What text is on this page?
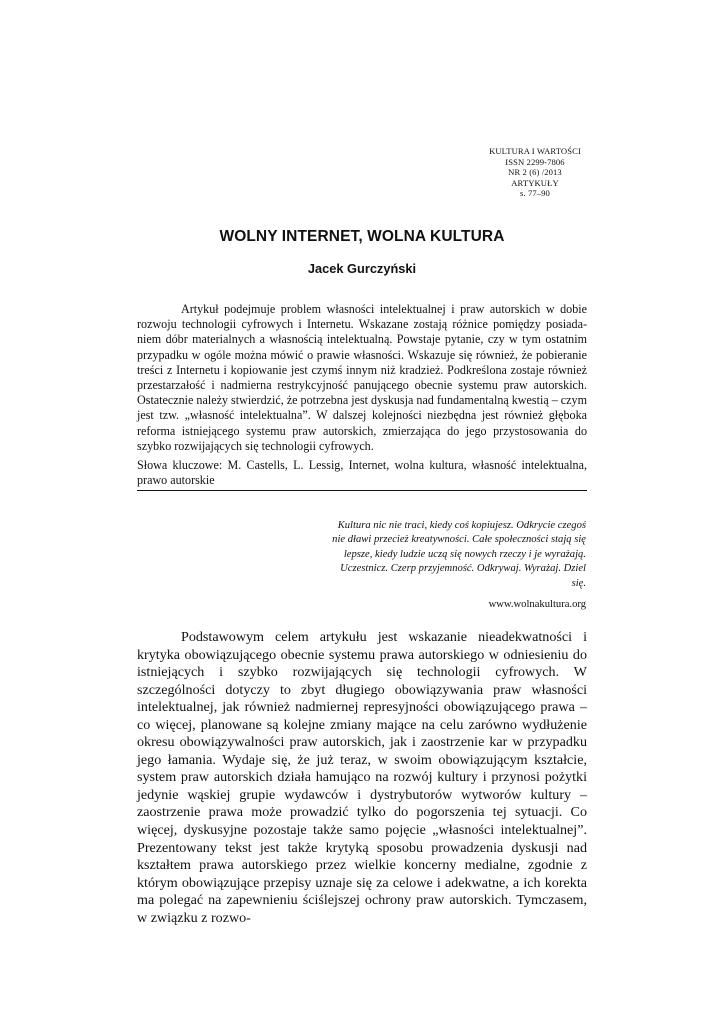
KULTURA I WARTOŚCI
ISSN 2299-7806
NR 2 (6) /2013
ARTYKUŁY
s. 77–90
WOLNY INTERNET, WOLNA KULTURA
Jacek Gurczyński
Artykuł podejmuje problem własności intelektualnej i praw autorskich w dobie rozwoju technologii cyfrowych i Internetu. Wskazane zostają różnice pomiędzy posiadaniem dóbr materialnych a własnością intelektualną. Powstaje pytanie, czy w tym ostatnim przypadku w ogóle można mówić o prawie własności. Wskazuje się również, że pobieranie treści z Internetu i kopiowanie jest czymś innym niż kradzież. Podkreślona zostaje również przestarzałość i nadmierna restrykcyjność panującego obecnie systemu praw autorskich. Ostatecznie należy stwierdzić, że potrzebna jest dyskusja nad fundamentalną kwestią – czym jest tzw. „własność intelektualna”. W dalszej kolejności niezbędna jest również głęboka reforma istniejącego systemu praw autorskich, zmierzająca do jego przystosowania do szybko rozwijających się technologii cyfrowych.
Słowa kluczowe: M. Castells, L. Lessig, Internet, wolna kultura, własność intelektualna, prawo autorskie
Kultura nic nie traci, kiedy coś kopiujesz. Odkrycie czegoś nie dławi przecież kreatywności. Całe społeczności stają się lepsze, kiedy ludzie uczą się nowych rzeczy i je wyrażają. Uczestnicz. Czerp przyjemność. Odkrywaj. Wyrażaj. Dziel się.
www.wolnakultura.org
Podstawowym celem artykułu jest wskazanie nieadekwatności i krytyka obowiązującego obecnie systemu prawa autorskiego w odniesieniu do istniejących i szybko rozwijających się technologii cyfrowych. W szczególności dotyczy to zbyt długiego obowiązywania praw własności intelektualnej, jak również nadmiernej represyjności obowiązującego prawa – co więcej, planowane są kolejne zmiany mające na celu zarówno wydłużenie okresu obowiązywalności praw autorskich, jak i zaostrzenie kar w przypadku jego łamania. Wydaje się, że już teraz, w swoim obowiązującym kształcie, system praw autorskich działa hamująco na rozwój kultury i przynosi pożytki jedynie wąskiej grupie wydawców i dystrybutorów wytworów kultury – zaostrzenie prawa może prowadzić tylko do pogorszenia tej sytuacji. Co więcej, dyskusyjne pozostaje także samo pojęcie „własności intelektualnej”. Prezentowany tekst jest także krytyką sposobu prowadzenia dyskusji nad kształtem prawa autorskiego przez wielkie koncerny medialne, zgodnie z którym obowiązujące przepisy uznaje się za celowe i adekwatne, a ich korekta ma polegać na zapewnieniu ściślejszej ochrony praw autorskich. Tymczasem, w związku z rozwo-
